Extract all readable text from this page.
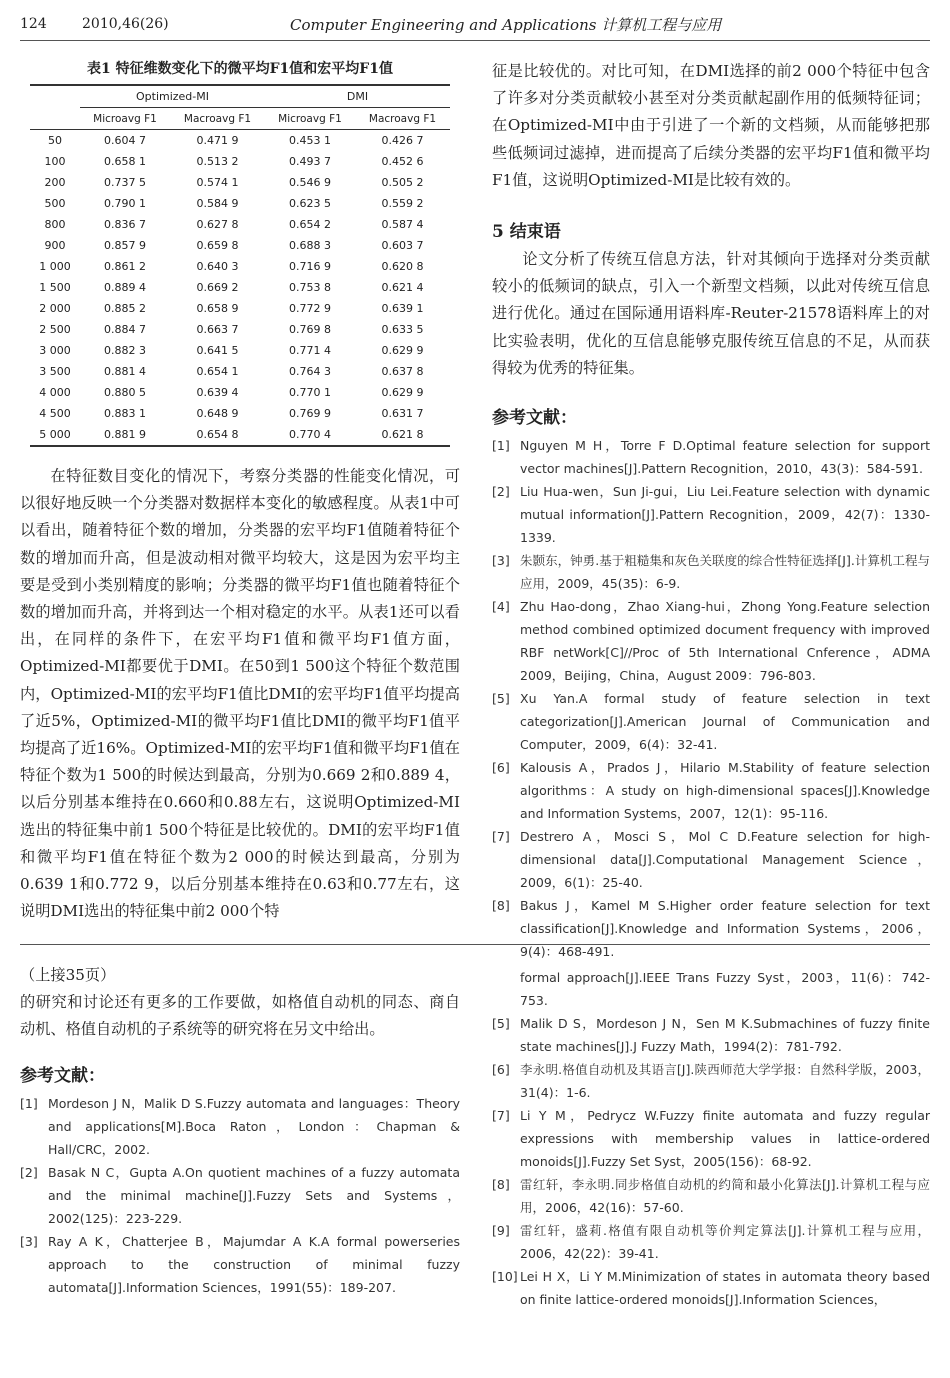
124	2010,46(26)	Computer Engineering and Applications 计算机工程与应用
表1 特征维数变化下的微平均F1值和宏平均F1值
	Optimized-MI		DMI	
	Microavg F1	Macroavg F1	Microavg F1	Macroavg F1
50	0.604 7	0.471 9	0.453 1	0.426 7
100	0.658 1	0.513 2	0.493 7	0.452 6
200	0.737 5	0.574 1	0.546 9	0.505 2
500	0.790 1	0.584 9	0.623 5	0.559 2
800	0.836 7	0.627 8	0.654 2	0.587 4
900	0.857 9	0.659 8	0.688 3	0.603 7
1 000	0.861 2	0.640 3	0.716 9	0.620 8
1 500	0.889 4	0.669 2	0.753 8	0.621 4
2 000	0.885 2	0.658 9	0.772 9	0.639 1
2 500	0.884 7	0.663 7	0.769 8	0.633 5
3 000	0.882 3	0.641 5	0.771 4	0.629 9
3 500	0.881 4	0.654 1	0.764 3	0.637 8
4 000	0.880 5	0.639 4	0.770 1	0.629 9
4 500	0.883 1	0.648 9	0.769 9	0.631 7
5 000	0.881 9	0.654 8	0.770 4	0.621 8

在特征数目变化的情况下，考察分类器的性能变化情况，可以很好地反映一个分类器对数据样本变化的敏感程度。从表1中可以看出，随着特征个数的增加，分类器的宏平均F1值随着特征个数的增加而升高，但是波动相对微平均较大，这是因为宏平均主要是受到小类别精度的影响；分类器的微平均F1值也随着特征个数的增加而升高，并将到达一个相对稳定的水平。从表1还可以看出，在同样的条件下，在宏平均F1值和微平均F1值方面，Optimized-MI都要优于DMI。在50到1 500这个特征个数范围内，Optimized-MI的宏平均F1值比DMI的宏平均F1值平均提高了近5%，Optimized-MI的微平均F1值比DMI的微平均F1值平均提高了近16%。Optimized-MI的宏平均F1值和微平均F1值在特征个数为1 500的时候达到最高，分别为0.669 2和0.889 4，以后分别基本维持在0.660和0.88左右，这说明Optimized-MI选出的特征集中前1 500个特征是比较优的。DMI的宏平均F1值和微平均F1值在特征个数为2 000的时候达到最高，分别为0.639 1和0.772 9，以后分别基本维持在0.63和0.77左右，这说明DMI选出的特征集中前2 000个特

征是比较优的。对比可知，在DMI选择的前2 000个特征中包含了许多对分类贡献较小甚至对分类贡献起副作用的低频特征词；在Optimized-MI中由于引进了一个新的文档频，从而能够把那些低频词过滤掉，进而提高了后续分类器的宏平均F1值和微平均F1值，这说明Optimized-MI是比较有效的。

5 结束语

论文分析了传统互信息方法，针对其倾向于选择对分类贡献较小的低频词的缺点，引入一个新型文档频，以此对传统互信息进行优化。通过在国际通用语料库-Reuter-21578语料库上的对比实验表明，优化的互信息能够克服传统互信息的不足，从而获得较为优秀的特征集。

参考文献：
[1] Nguyen M H，Torre F D.Optimal feature selection for support vector machines[J].Pattern Recognition，2010，43(3)：584-591.
[2] Liu Hua-wen，Sun Ji-gui，Liu Lei.Feature selection with dynamic mutual information[J].Pattern Recognition，2009，42(7)：1330-1339.
[3] 朱颢东，钟勇.基于粗糙集和灰色关联度的综合性特征选择[J].计算机工程与应用，2009，45(35)：6-9.
[4] Zhu Hao-dong，Zhao Xiang-hui，Zhong Yong.Feature selection method combined optimized document frequency with improved RBF netWork[C]//Proc of 5th International Cnference，ADMA 2009，Beijing，China，August 2009：796-803.
[5] Xu Yan.A formal study of feature selection in text categorization[J].American Journal of Communication and Computer，2009，6(4)：32-41.
[6] Kalousis A，Prados J，Hilario M.Stability of feature selection algorithms：A study on high-dimensional spaces[J].Knowledge and Information Systems，2007，12(1)：95-116.
[7] Destrero A，Mosci S，Mol C D.Feature selection for high-dimensional data[J].Computational Management Science，2009，6(1)：25-40.
[8] Bakus J，Kamel M S.Higher order feature selection for text classification[J].Knowledge and Information Systems，2006，9(4)：468-491.

（上接35页）

的研究和讨论还有更多的工作要做，如格值自动机的同态、商自动机、格值自动机的子系统等的研究将在另文中给出。

参考文献：
[1] Mordeson J N，Malik D S.Fuzzy automata and languages：Theory and applications[M].Boca Raton，London：Chapman & Hall/CRC，2002.
[2] Basak N C，Gupta A.On quotient machines of a fuzzy automata and the minimal machine[J].Fuzzy Sets and Systems，2002(125)：223-229.
[3] Ray A K，Chatterjee B，Majumdar A K.A formal powerseries approach to the construction of minimal fuzzy automata[J].Information Sciences，1991(55)：189-207.
formal approach[J].IEEE Trans Fuzzy Syst，2003，11(6)：742-753.
[5] Malik D S，Mordeson J N，Sen M K.Submachines of fuzzy finite state machines[J].J Fuzzy Math，1994(2)：781-792.
[6] 李永明.格值自动机及其语言[J].陕西师范大学学报：自然科学版，2003，31(4)：1-6.
[7] Li Y M，Pedrycz W.Fuzzy finite automata and fuzzy regular expressions with membership values in lattice-ordered monoids[J].Fuzzy Set Syst，2005(156)：68-92.
[8] 雷红轩，李永明.同步格值自动机的约简和最小化算法[J].计算机工程与应用，2006，42(16)：57-60.
[9] 雷红轩，盛莉.格值有限自动机等价判定算法[J].计算机工程与应用，2006，42(22)：39-41.
[10] Lei H X，Li Y M.Minimization of states in automata theory based on finite lattice-ordered monoids[J].Information Sciences，
